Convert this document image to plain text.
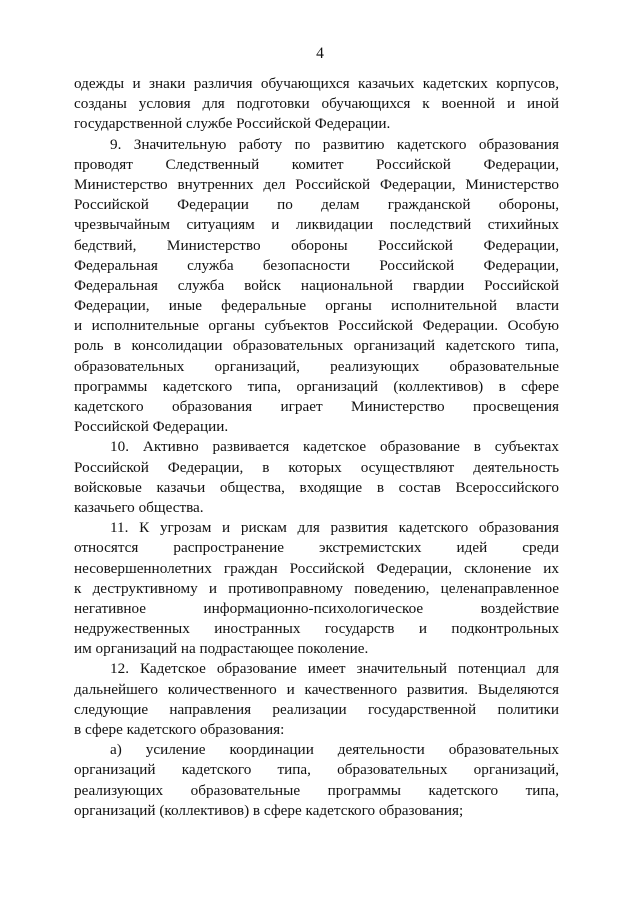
4
одежды и знаки различия обучающихся казачьих кадетских корпусов,
созданы условия для подготовки обучающихся к военной и иной
государственной службе Российской Федерации.
9. Значительную работу по развитию кадетского образования
проводят Следственный комитет Российской Федерации,
Министерство внутренних дел Российской Федерации, Министерство
Российской Федерации по делам гражданской обороны,
чрезвычайным ситуациям и ликвидации последствий стихийных
бедствий, Министерство обороны Российской Федерации,
Федеральная служба безопасности Российской Федерации,
Федеральная служба войск национальной гвардии Российской
Федерации, иные федеральные органы исполнительной власти
и исполнительные органы субъектов Российской Федерации. Особую
роль в консолидации образовательных организаций кадетского типа,
образовательных организаций, реализующих образовательные
программы кадетского типа, организаций (коллективов) в сфере
кадетского образования играет Министерство просвещения
Российской Федерации.
10. Активно развивается кадетское образование в субъектах
Российской Федерации, в которых осуществляют деятельность
войсковые казачьи общества, входящие в состав Всероссийского
казачьего общества.
11. К угрозам и рискам для развития кадетского образования
относятся распространение экстремистских идей среди
несовершеннолетних граждан Российской Федерации, склонение их
к деструктивному и противоправному поведению, целенаправленное
негативное информационно-психологическое воздействие
недружественных иностранных государств и подконтрольных
им организаций на подрастающее поколение.
12. Кадетское образование имеет значительный потенциал для
дальнейшего количественного и качественного развития. Выделяются
следующие направления реализации государственной политики
в сфере кадетского образования:
а) усиление координации деятельности образовательных
организаций кадетского типа, образовательных организаций,
реализующих образовательные программы кадетского типа,
организаций (коллективов) в сфере кадетского образования;
